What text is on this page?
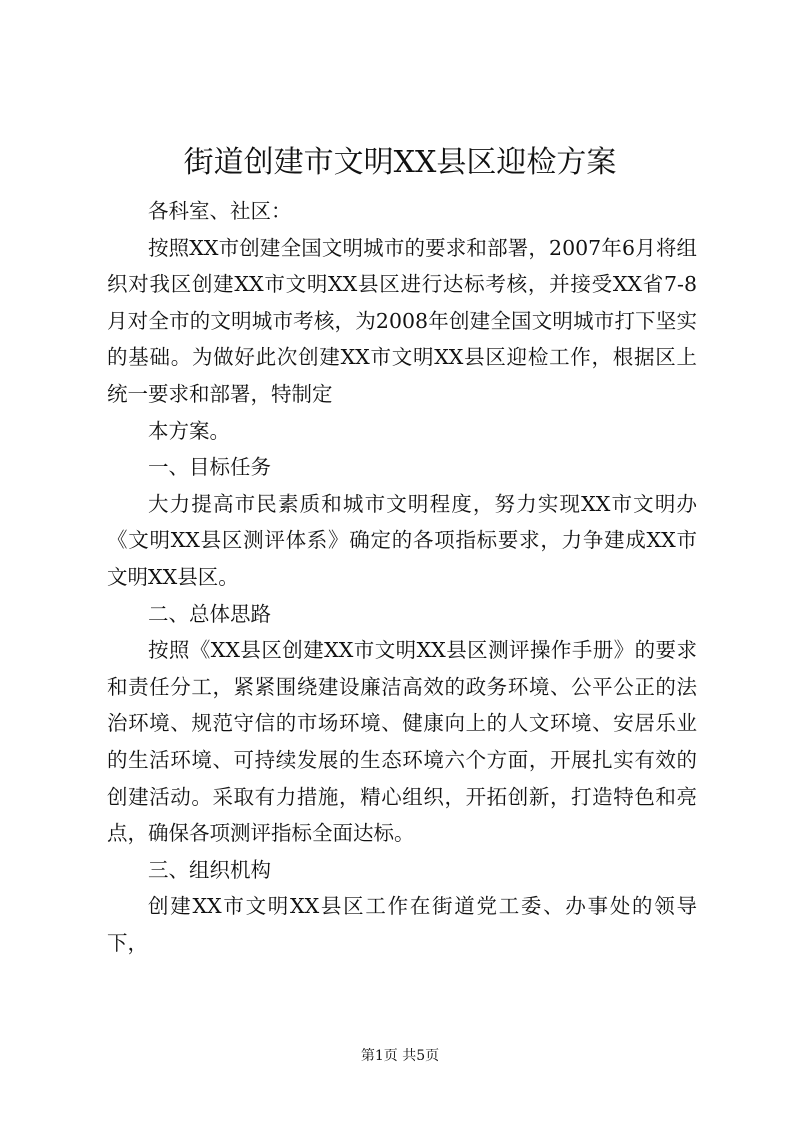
街道创建市文明XX县区迎检方案

各科室、社区：

按照XX市创建全国文明城市的要求和部署，2007年6月将组织对我区创建XX市文明XX县区进行达标考核，并接受XX省7-8月对全市的文明城市考核，为2008年创建全国文明城市打下坚实的基础。为做好此次创建XX市文明XX县区迎检工作，根据区上统一要求和部署，特制定

本方案。

一、目标任务

大力提高市民素质和城市文明程度，努力实现XX市文明办《文明XX县区测评体系》确定的各项指标要求，力争建成XX市文明XX县区。

二、总体思路

按照《XX县区创建XX市文明XX县区测评操作手册》的要求和责任分工，紧紧围绕建设廉洁高效的政务环境、公平公正的法治环境、规范守信的市场环境、健康向上的人文环境、安居乐业的生活环境、可持续发展的生态环境六个方面，开展扎实有效的创建活动。采取有力措施，精心组织，开拓创新，打造特色和亮点，确保各项测评指标全面达标。

三、组织机构

创建XX市文明XX县区工作在街道党工委、办事处的领导下，

第1页 共5页
